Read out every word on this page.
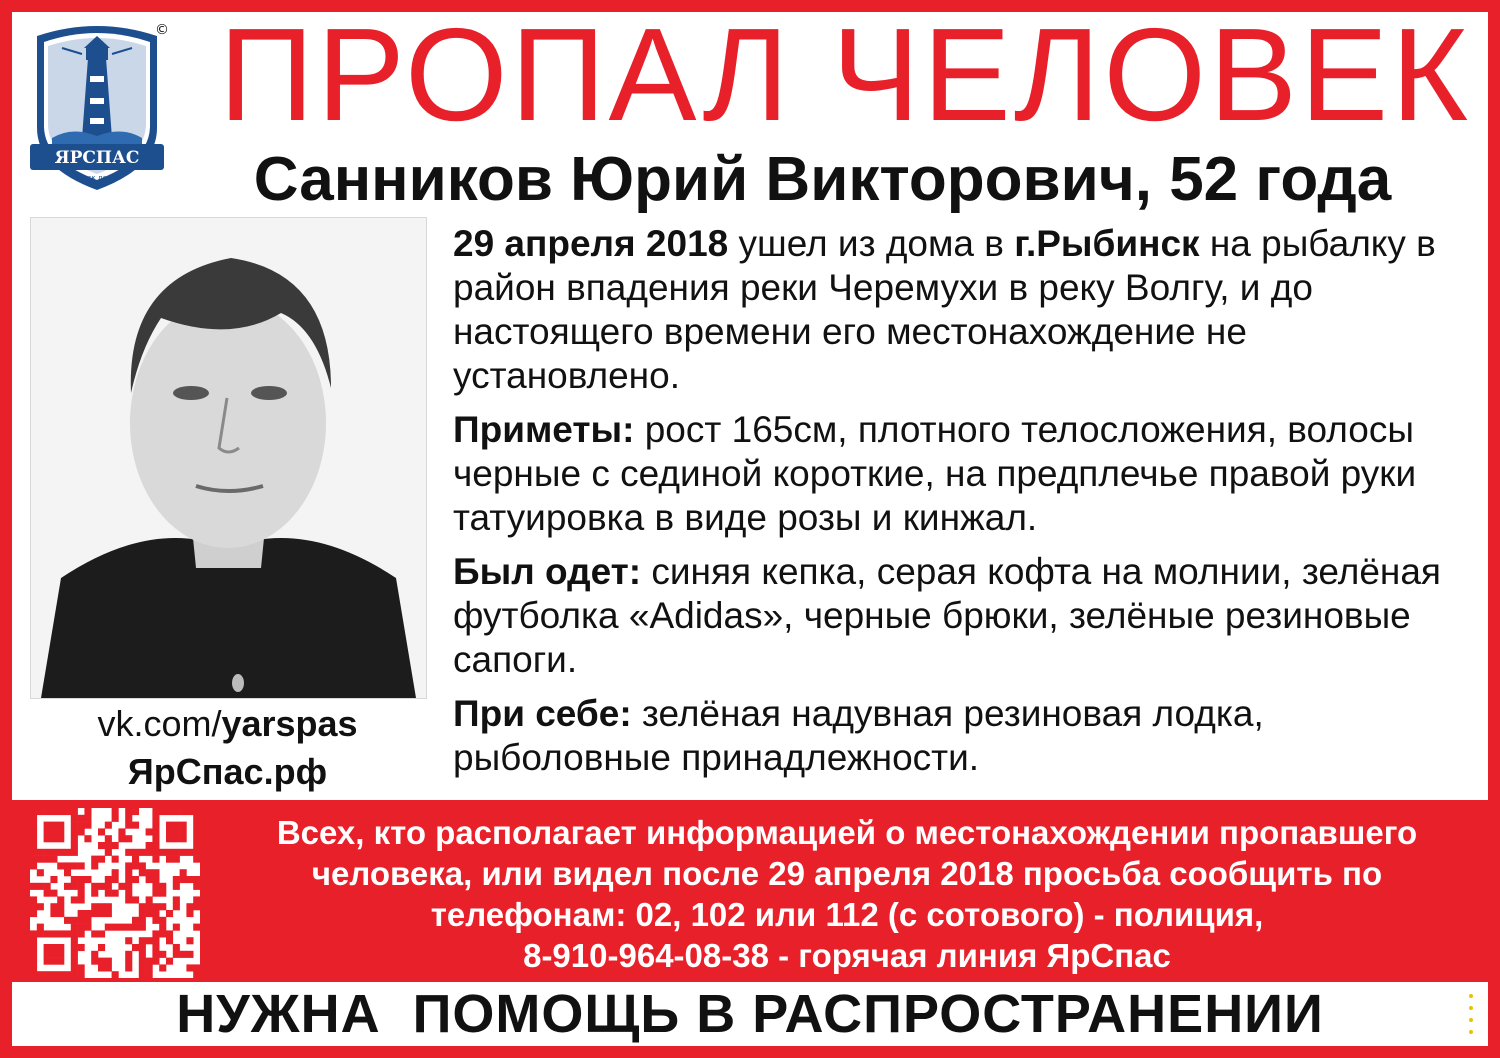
ЯРСПАС
поиск детей
© ПРОПАЛ ЧЕЛОВЕК
Санников Юрий Викторович, 52 года
vk.com/yarspas
ЯрСпас.рф

29 апреля 2018 ушел из дома в г.Рыбинск на рыбалку в район впадения реки Черемухи в реку Волгу, и до настоящего времени его местонахождение не установлено.

Приметы: рост 165см, плотного телосложения, волосы черные с сединой короткие, на предплечье правой руки татуировка в виде розы и кинжал.

Был одет: синяя кепка, серая кофта на молнии, зелёная футболка «Adidas», черные брюки, зелёные резиновые сапоги.

При себе: зелёная надувная резиновая лодка, рыболовные принадлежности.

Всех, кто располагает информацией о местонахождении пропавшего
человека, или видел после 29 апреля 2018 просьба сообщить по
телефонам: 02, 102 или 112 (с сотового) - полиция,
8-910-964-08-38 - горячая линия ЯрСпас
НУЖНА  ПОМОЩЬ В РАСПРОСТРАНЕНИИ
